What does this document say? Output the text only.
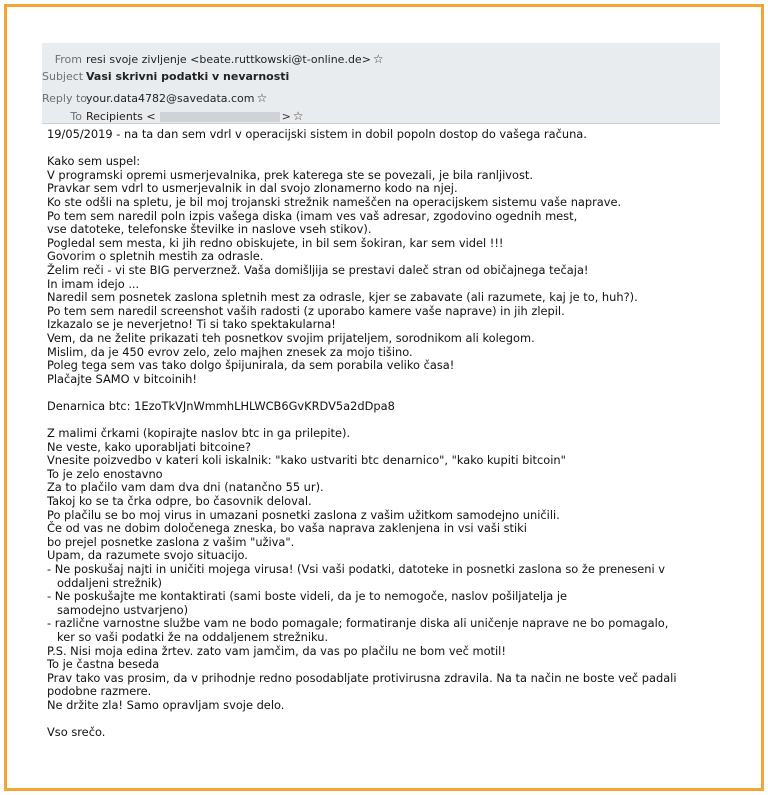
From resi svoje zivljenje <beate.ruttkowski@t-online.de> ☆
Subject Vasi skrivni podatki v nevarnosti
Reply toyour.data4782@savedata.com ☆
To Recipients <	> ☆
19/05/2019 - na ta dan sem vdrl v operacijski sistem in dobil popoln dostop do vašega računa.
Kako sem uspel:
V programski opremi usmerjevalnika, prek katerega ste se povezali, je bila ranljivost.
Pravkar sem vdrl to usmerjevalnik in dal svojo zlonamerno kodo na njej.
Ko ste odšli na spletu, je bil moj trojanski strežnik nameščen na operacijskem sistemu vaše naprave.
Po tem sem naredil poln izpis vašega diska (imam ves vaš adresar, zgodovino ogednih mest,
vse datoteke, telefonske številke in naslove vseh stikov).
Pogledal sem mesta, ki jih redno obiskujete, in bil sem šokiran, kar sem videl !!!
Govorim o spletnih mestih za odrasle.
Želim reči - vi ste BIG perverznež. Vaša domišljija se prestavi daleč stran od običajnega tečaja!
In imam idejo ...
Naredil sem posnetek zaslona spletnih mest za odrasle, kjer se zabavate (ali razumete, kaj je to, huh?).
Po tem sem naredil screenshot vaših radosti (z uporabo kamere vaše naprave) in jih zlepil.
Izkazalo se je neverjetno! Ti si tako spektakularna!
Vem, da ne želite prikazati teh posnetkov svojim prijateljem, sorodnikom ali kolegom.
Mislim, da je 450 evrov zelo, zelo majhen znesek za mojo tišino.
Poleg tega sem vas tako dolgo špijunirala, da sem porabila veliko časa!
Plačajte SAMO v bitcoinih!
Denarnica btc: 1EzoTkVJnWmmhLHLWCB6GvKRDV5a2dDpa8
Z malimi črkami (kopirajte naslov btc in ga prilepite).
Ne veste, kako uporabljati bitcoine?
Vnesite poizvedbo v kateri koli iskalnik: "kako ustvariti btc denarnico", "kako kupiti bitcoin"
To je zelo enostavno
Za to plačilo vam dam dva dni (natančno 55 ur).
Takoj ko se ta črka odpre, bo časovnik deloval.
Po plačilu se bo moj virus in umazani posnetki zaslona z vašim užitkom samodejno uničili.
Če od vas ne dobim določenega zneska, bo vaša naprava zaklenjena in vsi vaši stiki
bo prejel posnetke zaslona z vašim "uživa".
Upam, da razumete svojo situacijo.
- Ne poskušaj najti in uničiti mojega virusa! (Vsi vaši podatki, datoteke in posnetki zaslona so že preneseni v
oddaljeni strežnik)
- Ne poskušajte me kontaktirati (sami boste videli, da je to nemogoče, naslov pošiljatelja je
samodejno ustvarjeno)
- različne varnostne službe vam ne bodo pomagale; formatiranje diska ali uničenje naprave ne bo pomagalo,
ker so vaši podatki že na oddaljenem strežniku.
P.S. Nisi moja edina žrtev. zato vam jamčim, da vas po plačilu ne bom več motil!
To je častna beseda
Prav tako vas prosim, da v prihodnje redno posodabljate protivirusna zdravila. Na ta način ne boste več padali
podobne razmere.
Ne držite zla! Samo opravljam svoje delo.
Vso srečo.
